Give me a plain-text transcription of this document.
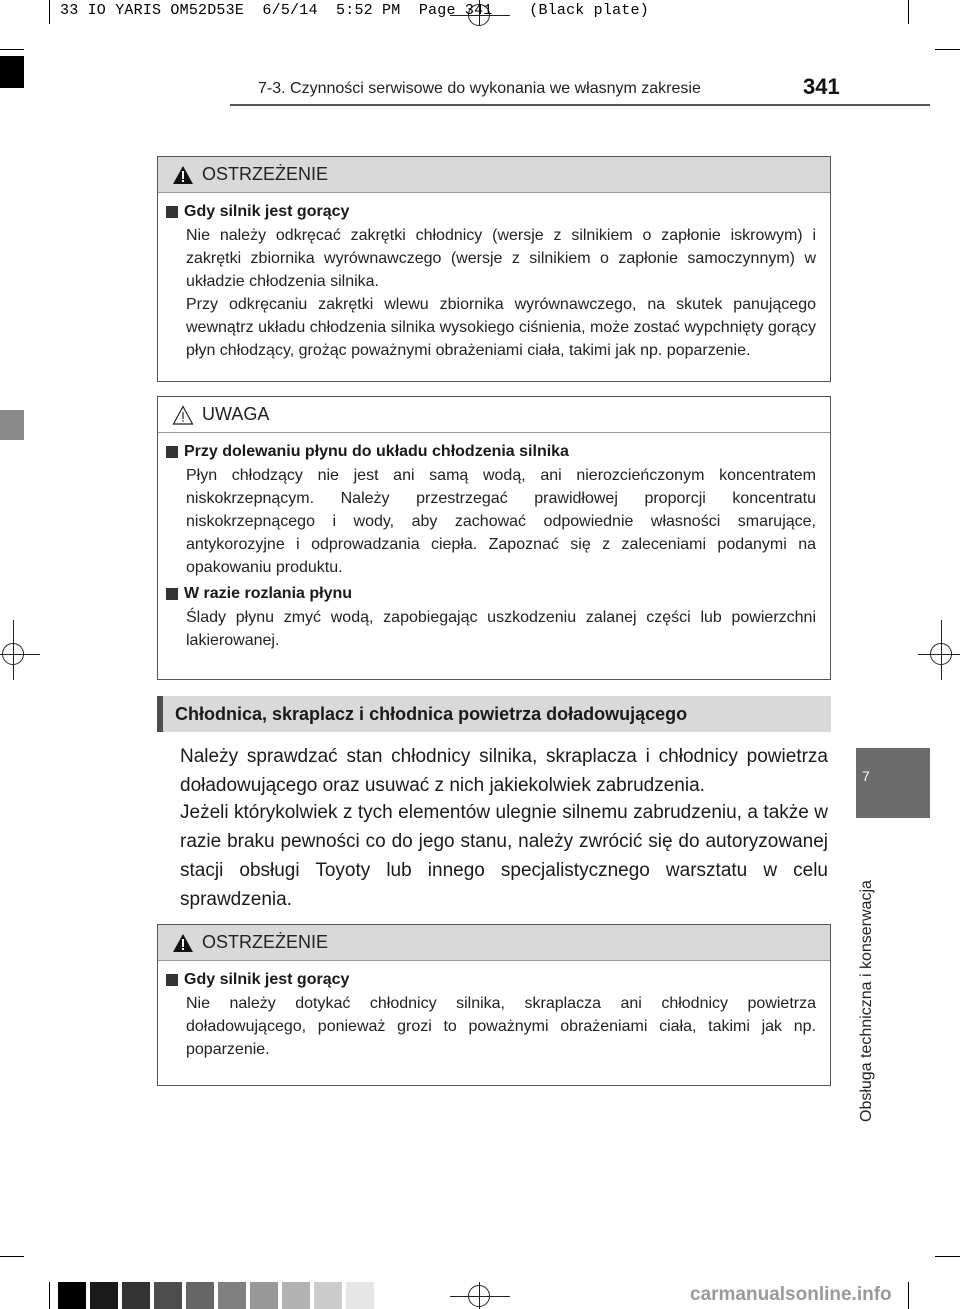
33 IO YARIS OM52D53E  6/5/14  5:52 PM  Page 341    (Black plate)
7-3. Czynności serwisowe do wykonania we własnym zakresie	341
7
Obsługa techniczna i konserwacja
OSTRZEŻENIE
Gdy silnik jest gorący
Nie należy odkręcać zakrętki chłodnicy (wersje z silnikiem o zapłonie iskrowym) i zakrętki zbiornika wyrównawczego (wersje z silnikiem o zapłonie samoczynnym) w układzie chłodzenia silnika.
Przy odkręcaniu zakrętki wlewu zbiornika wyrównawczego, na skutek panującego wewnątrz układu chłodzenia silnika wysokiego ciśnienia, może zostać wypchnięty gorący płyn chłodzący, grożąc poważnymi obrażeniami ciała, takimi jak np. poparzenie.
UWAGA
Przy dolewaniu płynu do układu chłodzenia silnika
Płyn chłodzący nie jest ani samą wodą, ani nierozcieńczonym koncentratem niskokrzepnącym. Należy przestrzegać prawidłowej proporcji koncentratu niskokrzepnącego i wody, aby zachować odpowiednie własności smarujące, antykorozyjne i odprowadzania ciepła. Zapoznać się z zaleceniami podanymi na opakowaniu produktu.
W razie rozlania płynu
Ślady płynu zmyć wodą, zapobiegając uszkodzeniu zalanej części lub powierzchni lakierowanej.
Chłodnica, skraplacz i chłodnica powietrza doładowującego
Należy sprawdzać stan chłodnicy silnika, skraplacza i chłodnicy powietrza doładowującego oraz usuwać z nich jakiekolwiek zabrudzenia.
Jeżeli którykolwiek z tych elementów ulegnie silnemu zabrudzeniu, a także w razie braku pewności co do jego stanu, należy zwrócić się do autoryzowanej stacji obsługi Toyoty lub innego specjalistycznego warsztatu w celu sprawdzenia.
OSTRZEŻENIE
Gdy silnik jest gorący
Nie należy dotykać chłodnicy silnika, skraplacza ani chłodnicy powietrza doładowującego, ponieważ grozi to poważnymi obrażeniami ciała, takimi jak np. poparzenie.
carmanualsonline.info
